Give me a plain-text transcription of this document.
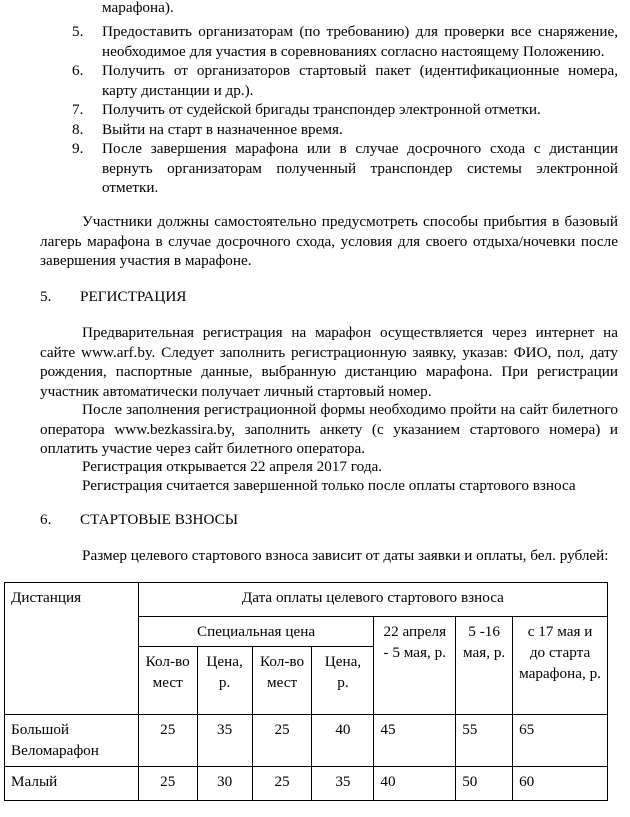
марафона).

5.	Предоставить организаторам (по требованию) для проверки все снаряжение, необходимое для участия в соревнованиях согласно настоящему Положению.
6.	Получить от организаторов стартовый пакет (идентификационные номера, карту дистанции и др.).
7.	Получить от судейской бригады транспондер электронной отметки.
8.	Выйти на старт в назначенное время.
9.	После завершения марафона или в случае досрочного схода с дистанции вернуть организаторам полученный транспондер системы электронной отметки.

Участники должны самостоятельно предусмотреть способы прибытия в базовый лагерь марафона в случае досрочного схода, условия для своего отдыха/ночевки после завершения участия в марафоне.

5. РЕГИСТРАЦИЯ

Предварительная регистрация на марафон осуществляется через интернет на сайте www.arf.by. Следует заполнить регистрационную заявку, указав: ФИО, пол, дату рождения, паспортные данные, выбранную дистанцию марафона. При регистрации участник автоматически получает личный стартовый номер.

После заполнения регистрационной формы необходимо пройти на сайт билетного оператора www.bezkassira.by, заполнить анкету (с указанием стартового номера) и оплатить участие через сайт билетного оператора.

Регистрация открывается 22 апреля 2017 года.

Регистрация считается завершенной только после оплаты стартового взноса

6. СТАРТОВЫЕ ВЗНОСЫ

Размер целевого стартового взноса зависит от даты заявки и оплаты, бел. рублей:

Дистанция	Дата оплаты целевого стартового взноса						
	Специальная цена				22 апреля - 5 мая, р.	5 -16 мая, р.	с 17 мая и до старта марафона, р.
	Кол-во мест	Цена, р.	Кол-во мест	Цена, р.			
Большой Веломарафон	25	35	25	40	45	55	65
Малый	25	30	25	35	40	50	60
